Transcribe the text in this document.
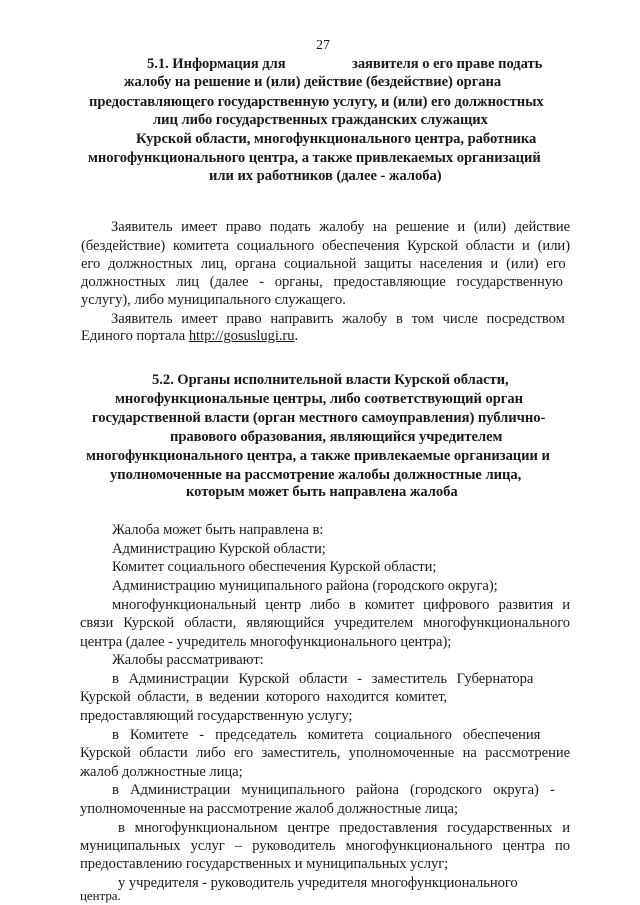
27
5.1. Информация для	заявителя о его праве подать
жалобу на решение и (или) действие (бездействие) органа
предоставляющего государственную услугу, и (или) его должностных
лиц либо государственных гражданских служащих
Курской области, многофункционального центра, работника
многофункционального центра, а также привлекаемых организаций
или их работников (далее - жалоба)
Заявитель имеет право подать жалобу на решение и (или) действие
(бездействие) комитета социального обеспечения Курской области и (или)
его должностных лиц, органа социальной защиты населения и (или) его
должностных лиц (далее - органы, предоставляющие государственную
услугу), либо муниципального служащего.
Заявитель имеет право направить жалобу в том числе посредством
Единого портала http://gosuslugi.ru.
5.2. Органы исполнительной власти Курской области,
многофункциональные центры, либо соответствующий орган
государственной власти (орган местного самоуправления) публично-
правового образования, являющийся учредителем
многофункционального центра, а также привлекаемые организации и
уполномоченные на рассмотрение жалобы должностные лица,
которым может быть направлена жалоба
Жалоба может быть направлена в:
Администрацию Курской области;
Комитет социального обеспечения Курской области;
Администрацию муниципального района (городского округа);
многофункциональный центр либо в комитет цифрового развития и
связи Курской области, являющийся учредителем многофункционального
центра (далее - учредитель многофункционального центра);
Жалобы рассматривают:
в Администрации Курской области - заместитель Губернатора
Курской области, в ведении которого находится комитет,
предоставляющий государственную услугу;
в Комитете - председатель комитета социального обеспечения
Курской области либо его заместитель, уполномоченные на рассмотрение
жалоб должностные лица;
в Администрации муниципального района (городского округа) -
уполномоченные на рассмотрение жалоб должностные лица;
в многофункциональном центре предоставления государственных и
муниципальных услуг – руководитель многофункционального центра по
предоставлению государственных и муниципальных услуг;
у учредителя - руководитель учредителя многофункционального
центра.
